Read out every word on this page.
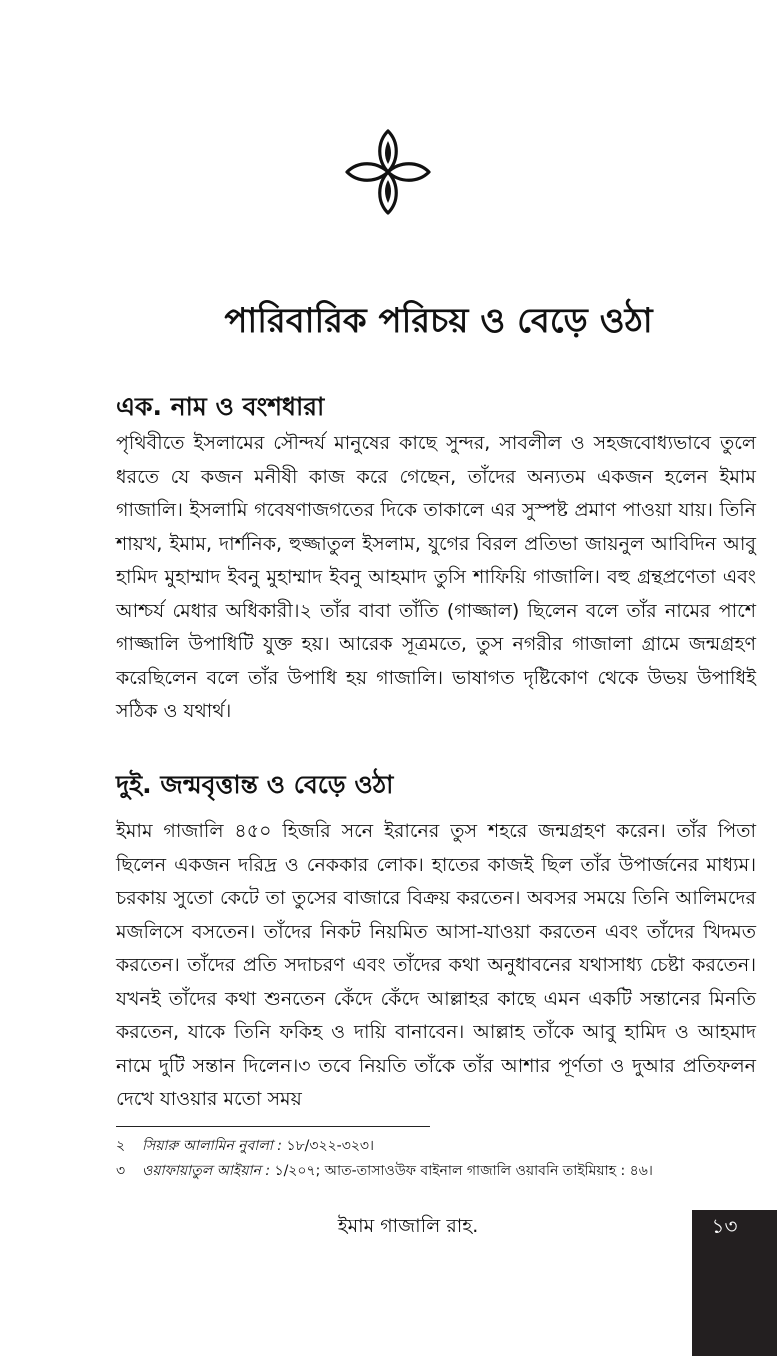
পারিবারিক পরিচয় ও বেড়ে ওঠা
এক. নাম ও বংশধারা
পৃথিবীতে ইসলামের সৌন্দর্য মানুষের কাছে সুন্দর, সাবলীল ও সহজবোধ্যভাবে তুলে ধরতে যে কজন মনীষী কাজ করে গেছেন, তাঁদের অন্যতম একজন হলেন ইমাম গাজালি। ইসলামি গবেষণাজগতের দিকে তাকালে এর সুস্পষ্ট প্রমাণ পাওয়া যায়। তিনি শায়খ, ইমাম, দার্শনিক, হুজ্জাতুল ইসলাম, যুগের বিরল প্রতিভা জায়নুল আবিদিন আবু হামিদ মুহাম্মাদ ইবনু মুহাম্মাদ ইবনু আহমাদ তুসি শাফিয়ি গাজালি। বহু গ্রন্থপ্রণেতা এবং আশ্চর্য মেধার অধিকারী।২ তাঁর বাবা তাঁতি (গাজ্জাল) ছিলেন বলে তাঁর নামের পাশে গাজ্জালি উপাধিটি যুক্ত হয়। আরেক সূত্রমতে, তুস নগরীর গাজালা গ্রামে জন্মগ্রহণ করেছিলেন বলে তাঁর উপাধি হয় গাজালি। ভাষাগত দৃষ্টিকোণ থেকে উভয় উপাধিই সঠিক ও যথার্থ।
দুই. জন্মবৃত্তান্ত ও বেড়ে ওঠা
ইমাম গাজালি ৪৫০ হিজরি সনে ইরানের তুস শহরে জন্মগ্রহণ করেন। তাঁর পিতা ছিলেন একজন দরিদ্র ও নেককার লোক। হাতের কাজই ছিল তাঁর উপার্জনের মাধ্যম। চরকায় সুতো কেটে তা তুসের বাজারে বিক্রয় করতেন। অবসর সময়ে তিনি আলিমদের মজলিসে বসতেন। তাঁদের নিকট নিয়মিত আসা-যাওয়া করতেন এবং তাঁদের খিদমত করতেন। তাঁদের প্রতি সদাচরণ এবং তাঁদের কথা অনুধাবনের যথাসাধ্য চেষ্টা করতেন। যখনই তাঁদের কথা শুনতেন কেঁদে কেঁদে আল্লাহর কাছে এমন একটি সন্তানের মিনতি করতেন, যাকে তিনি ফকিহ ও দায়ি বানাবেন। আল্লাহ তাঁকে আবু হামিদ ও আহমাদ নামে দুটি সন্তান দিলেন।৩ তবে নিয়তি তাঁকে তাঁর আশার পূর্ণতা ও দুআর প্রতিফলন দেখে যাওয়ার মতো সময়
২ সিয়ারু আলামিন নুবালা : ১৮/৩২২-৩২৩।
৩ ওয়াফায়াতুল আইয়ান : ১/২০৭; আত-তাসাওউফ বাইনাল গাজালি ওয়াবনি তাইমিয়াহ : ৪৬।
ইমাম গাজালি রাহ.	১৩
